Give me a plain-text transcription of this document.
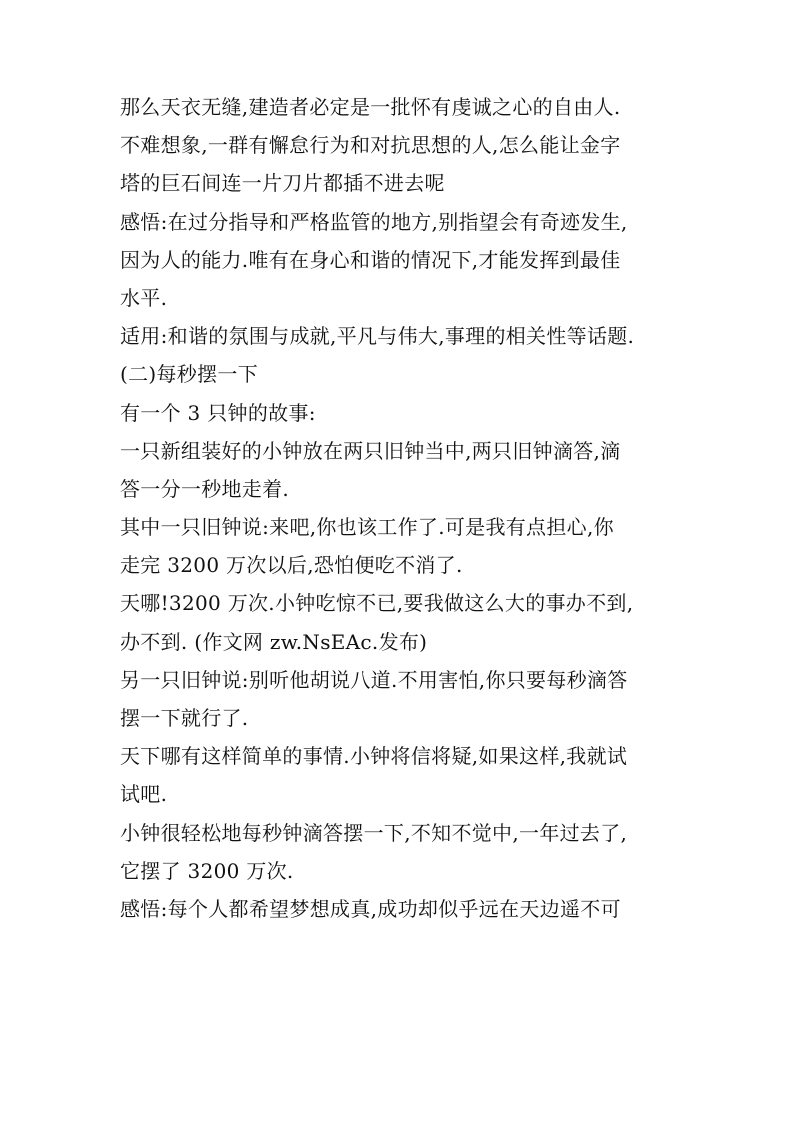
那么天衣无缝,建造者必定是一批怀有虔诚之心的自由人.
不难想象,一群有懈怠行为和对抗思想的人,怎么能让金字
塔的巨石间连一片刀片都插不进去呢
感悟:在过分指导和严格监管的地方,别指望会有奇迹发生,
因为人的能力.唯有在身心和谐的情况下,才能发挥到最佳
水平.
适用:和谐的氛围与成就,平凡与伟大,事理的相关性等话题.
(二)每秒摆一下
有一个 3 只钟的故事:
一只新组装好的小钟放在两只旧钟当中,两只旧钟滴答,滴
答一分一秒地走着.
其中一只旧钟说:来吧,你也该工作了.可是我有点担心,你
走完 3200 万次以后,恐怕便吃不消了.
天哪!3200 万次.小钟吃惊不已,要我做这么大的事办不到,
办不到. (作文网 zw.NsEAc.发布)
另一只旧钟说:别听他胡说八道.不用害怕,你只要每秒滴答
摆一下就行了.
天下哪有这样简单的事情.小钟将信将疑,如果这样,我就试
试吧.
小钟很轻松地每秒钟滴答摆一下,不知不觉中,一年过去了,
它摆了 3200 万次.
感悟:每个人都希望梦想成真,成功却似乎远在天边遥不可
